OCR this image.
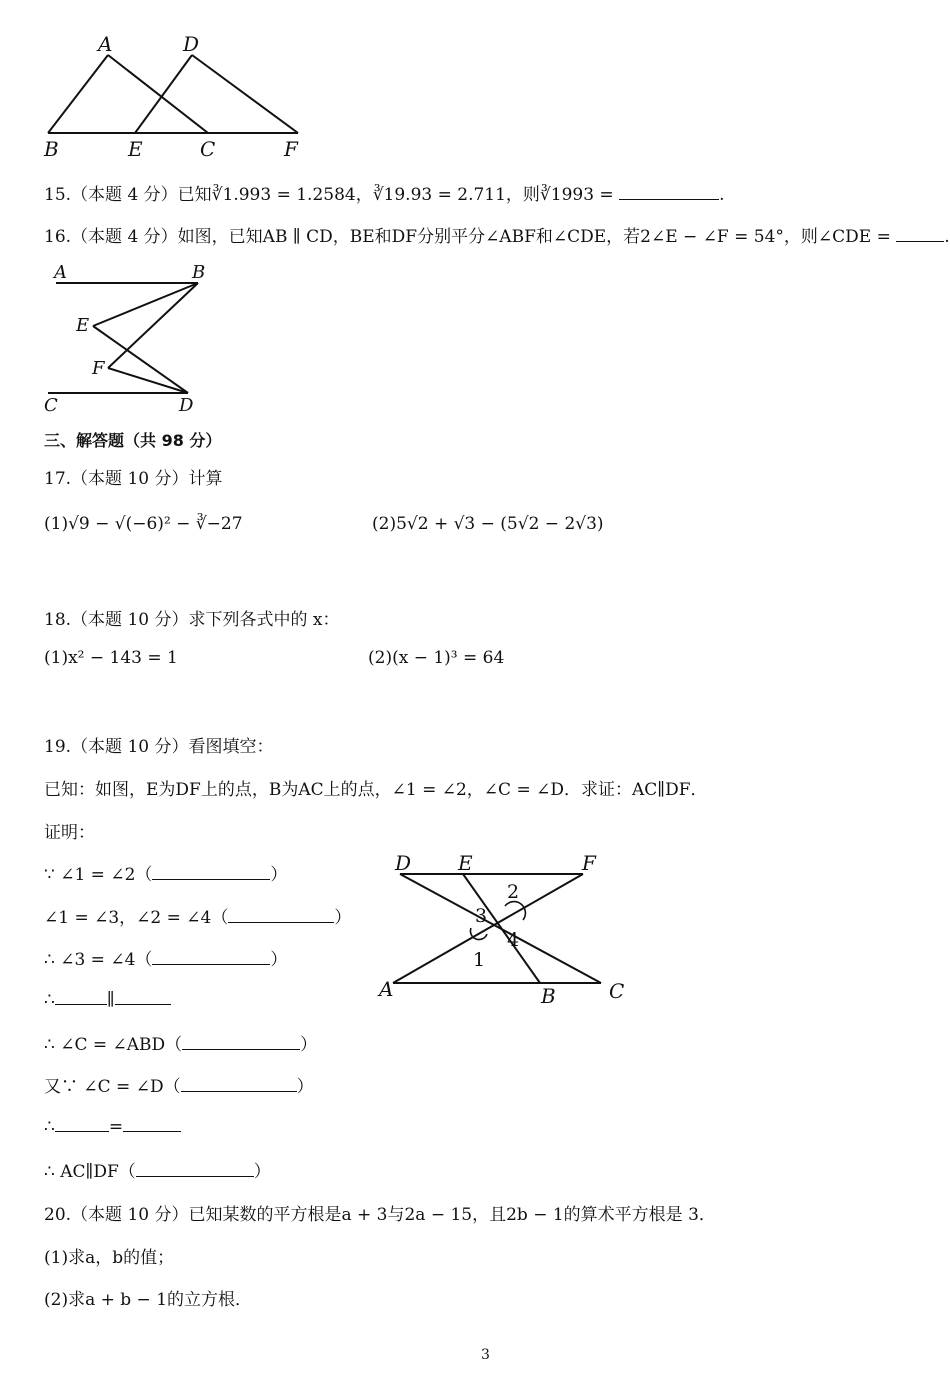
A	D
B	E	C	F
15.（本题 4 分）已知∛1.993 = 1.2584，∛19.93 = 2.711，则∛1993 =	.
16.（本题 4 分）如图，已知AB ∥ CD，BE和DF分别平分∠ABF和∠CDE，若2∠E − ∠F = 54°，则∠CDE =	.
A	B
E
F
C	D
三、解答题（共 98 分）
17.（本题 10 分）计算
(1)√9 − √(−6)² − ∛−27	(2)5√2 + √3 − (5√2 − 2√3)
18.（本题 10 分）求下列各式中的 x：
(1)x² − 143 = 1	(2)(x − 1)³ = 64
19.（本题 10 分）看图填空：
已知：如图，E为DF上的点，B为AC上的点，∠1 = ∠2，∠C = ∠D．求证：AC∥DF．
证明：
∵ ∠1 = ∠2（	）
∠1 = ∠3，∠2 = ∠4（	）
∴ ∠3 = ∠4（	）
∴	∥
∴ ∠C = ∠ABD（	）
又∵ ∠C = ∠D（	）
∴	=
∴ AC∥DF（	）
D E	F
2
3
4
1
A	B	C
20.（本题 10 分）已知某数的平方根是a + 3与2a − 15，且2b − 1的算术平方根是 3．
(1)求a，b的值；
(2)求a + b − 1的立方根．
3
